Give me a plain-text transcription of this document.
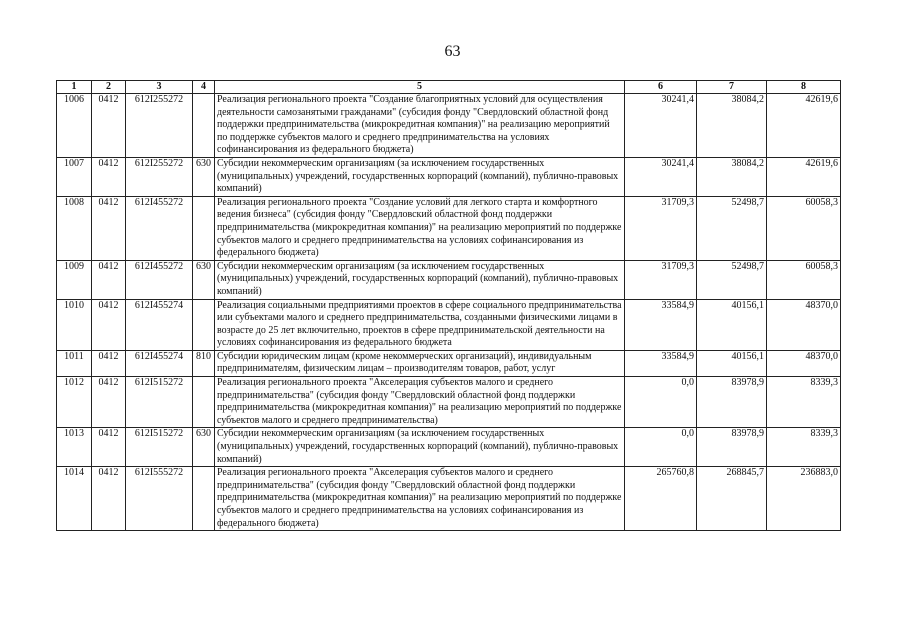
63
1	2	3	4	5	6	7	8
1006	0412	612I255272		Реализация регионального проекта "Создание благоприятных условий для осуществления деятельности самозанятыми гражданами" (субсидия фонду "Свердловский областной фонд поддержки предпринимательства (микрокредитная компания)" на реализацию мероприятий по поддержке субъектов малого и среднего предпринимательства на условиях софинансирования из федерального бюджета)	30241,4	38084,2	42619,6
1007	0412	612I255272	630	Субсидии некоммерческим организациям (за исключением государственных (муниципальных) учреждений, государственных корпораций (компаний), публично-правовых компаний)	30241,4	38084,2	42619,6
1008	0412	612I455272		Реализация регионального проекта "Создание условий для легкого старта и комфортного ведения бизнеса" (субсидия фонду "Свердловский областной фонд поддержки предпринимательства (микрокредитная компания)" на реализацию мероприятий по поддержке субъектов малого и среднего предпринимательства на условиях софинансирования из федерального бюджета)	31709,3	52498,7	60058,3
1009	0412	612I455272	630	Субсидии некоммерческим организациям (за исключением государственных (муниципальных) учреждений, государственных корпораций (компаний), публично-правовых компаний)	31709,3	52498,7	60058,3
1010	0412	612I455274		Реализация социальными предприятиями проектов в сфере социального предпринимательства или субъектами малого и среднего предпринимательства, созданными физическими лицами в возрасте до 25 лет включительно, проектов в сфере предпринимательской деятельности на условиях софинансирования из федерального бюджета	33584,9	40156,1	48370,0
1011	0412	612I455274	810	Субсидии юридическим лицам (кроме некоммерческих организаций), индивидуальным предпринимателям, физическим лицам – производителям товаров, работ, услуг	33584,9	40156,1	48370,0
1012	0412	612I515272		Реализация регионального проекта "Акселерация субъектов малого и среднего предпринимательства" (субсидия фонду "Свердловский областной фонд поддержки предпринимательства (микрокредитная компания)" на реализацию мероприятий по поддержке субъектов малого и среднего предпринимательства)	0,0	83978,9	8339,3
1013	0412	612I515272	630	Субсидии некоммерческим организациям (за исключением государственных (муниципальных) учреждений, государственных корпораций (компаний), публично-правовых компаний)	0,0	83978,9	8339,3
1014	0412	612I555272		Реализация регионального проекта "Акселерация субъектов малого и среднего предпринимательства" (субсидия фонду "Свердловский областной фонд поддержки предпринимательства (микрокредитная компания)" на реализацию мероприятий по поддержке субъектов малого и среднего предпринимательства на условиях софинансирования из федерального бюджета)	265760,8	268845,7	236883,0
